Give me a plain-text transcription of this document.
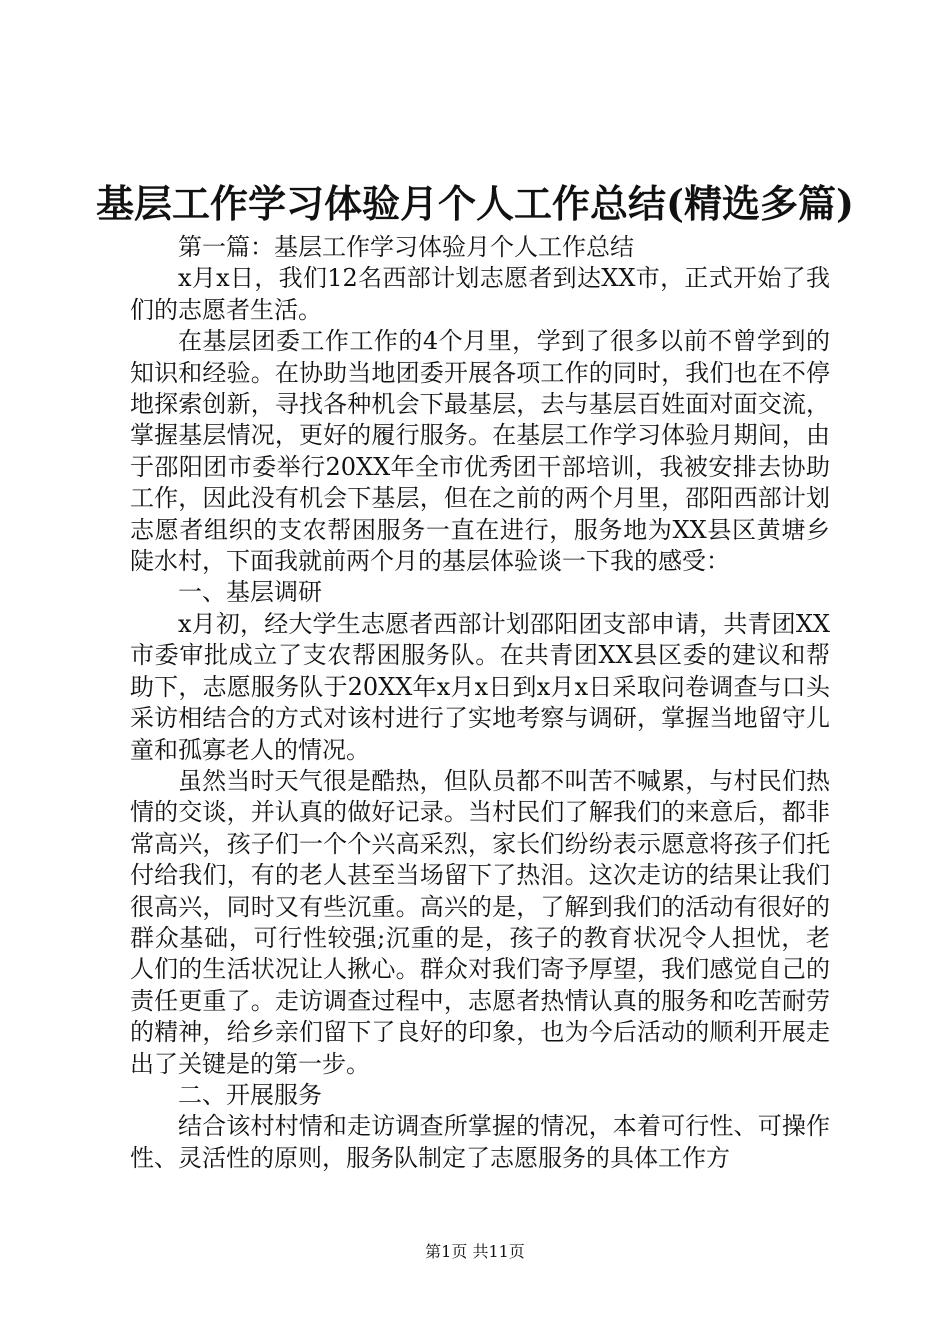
基层工作学习体验月个人工作总结(精选多篇)

第一篇：基层工作学习体验月个人工作总结

x月x日，我们12名西部计划志愿者到达XX市，正式开始了我们的志愿者生活。

在基层团委工作工作的4个月里，学到了很多以前不曾学到的知识和经验。在协助当地团委开展各项工作的同时，我们也在不停地探索创新，寻找各种机会下最基层，去与基层百姓面对面交流，掌握基层情况，更好的履行服务。在基层工作学习体验月期间，由于邵阳团市委举行20XX年全市优秀团干部培训，我被安排去协助工作，因此没有机会下基层，但在之前的两个月里，邵阳西部计划志愿者组织的支农帮困服务一直在进行，服务地为XX县区黄塘乡陡水村，下面我就前两个月的基层体验谈一下我的感受：

一、基层调研

x月初，经大学生志愿者西部计划邵阳团支部申请，共青团XX市委审批成立了支农帮困服务队。在共青团XX县区委的建议和帮助下，志愿服务队于20XX年x月x日到x月x日采取问卷调查与口头采访相结合的方式对该村进行了实地考察与调研，掌握当地留守儿童和孤寡老人的情况。

虽然当时天气很是酷热，但队员都不叫苦不喊累，与村民们热情的交谈，并认真的做好记录。当村民们了解我们的来意后，都非常高兴，孩子们一个个兴高采烈，家长们纷纷表示愿意将孩子们托付给我们，有的老人甚至当场留下了热泪。这次走访的结果让我们很高兴，同时又有些沉重。高兴的是，了解到我们的活动有很好的群众基础，可行性较强;沉重的是，孩子的教育状况令人担忧，老人们的生活状况让人揪心。群众对我们寄予厚望，我们感觉自己的责任更重了。走访调查过程中，志愿者热情认真的服务和吃苦耐劳的精神，给乡亲们留下了良好的印象，也为今后活动的顺利开展走出了关键是的第一步。

二、开展服务

结合该村村情和走访调查所掌握的情况，本着可行性、可操作性、灵活性的原则，服务队制定了志愿服务的具体工作方

第1页 共11页
